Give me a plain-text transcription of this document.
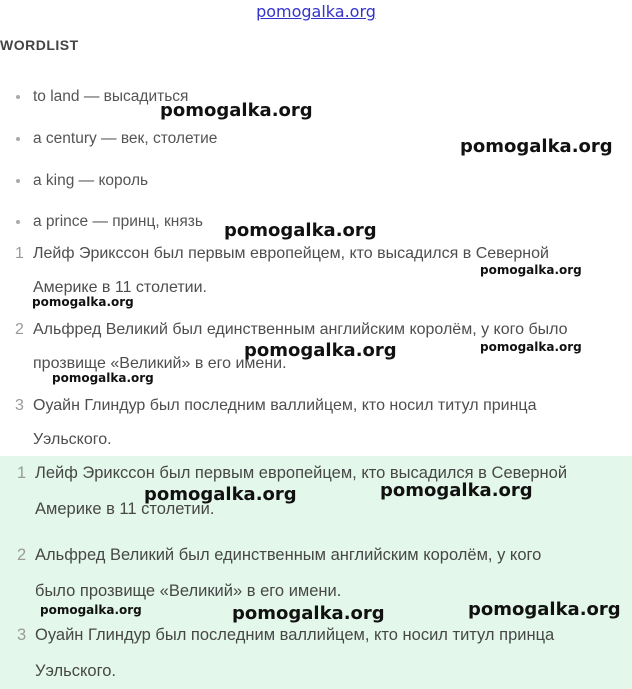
pomogalka.org
WORDLIST
to land — высадиться
a century — век, столетие
a king — король
a prince — принц, князь
1 Лейф Эриксcон был первым европейцем, кто высадился в Северной
Америке в 11 столетии.
2 Альфред Великий был единственным английским королём, у кого было
прозвище «Великий» в его имени.
3 Оуайн Глиндур был последним валлийцем, кто носил титул принца
Уэльского.
1 Лейф Эриксcон был первым европейцем, кто высадился в Северной
Америке в 11 столетии.
2 Альфред Великий был единственным английским королём, у кого
было прозвище «Великий» в его имени.
3 Оуайн Глиндур был последним валлийцем, кто носил титул принца
Уэльского.
pomogalka.org
pomogalka.org
pomogalka.org
pomogalka.org
pomogalka.org
pomogalka.org	pomogalka.org
pomogalka.org
pomogalka.org	pomogalka.org
pomogalka.org	pomogalka.org	pomogalka.org
